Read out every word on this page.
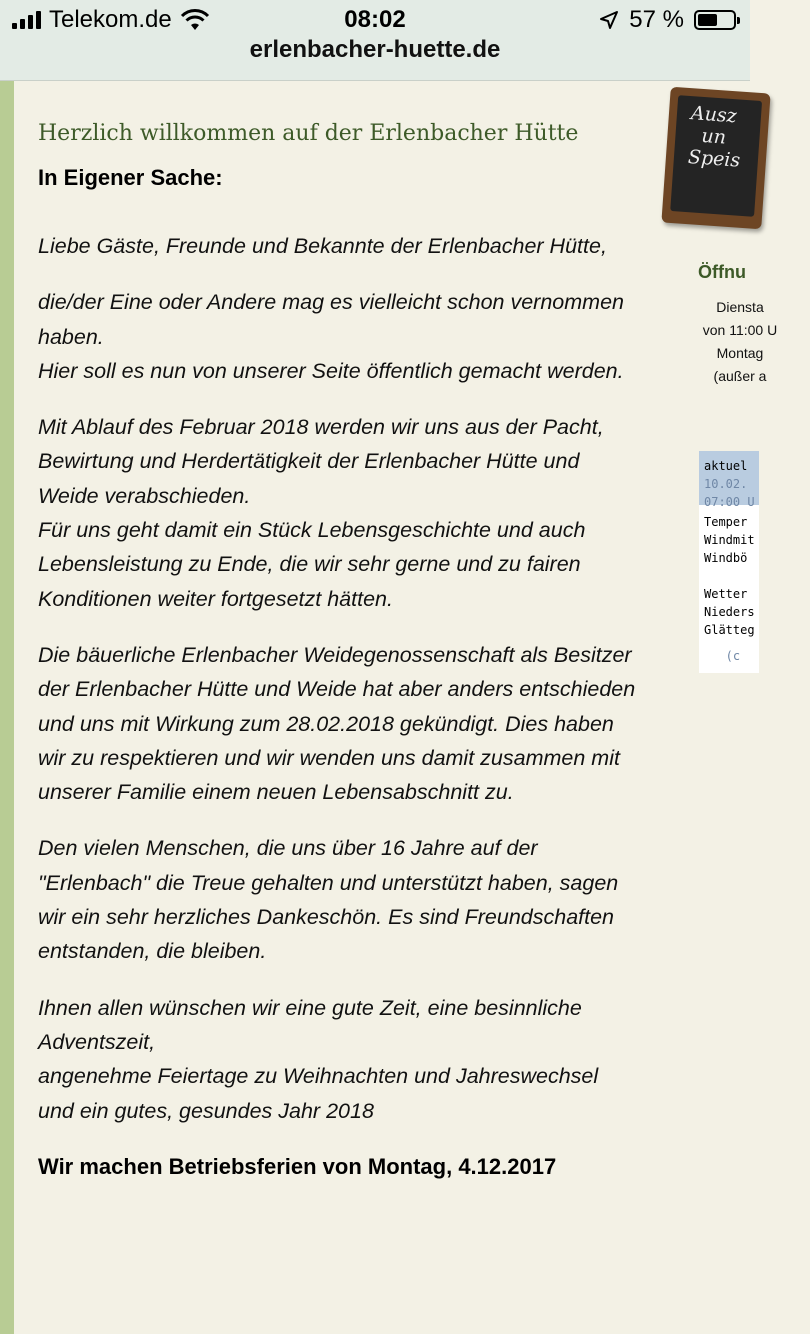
Telekom.de	08:02	57 %
erlenbacher-huette.de
Herzlich willkommen auf der Erlenbacher Hütte

In Eigener Sache:

Liebe Gäste, Freunde und Bekannte der Erlenbacher Hütte,

die/der Eine oder Andere mag es vielleicht schon vernommen haben.
Hier soll es nun von unserer Seite öffentlich gemacht werden.

Mit Ablauf des Februar 2018 werden wir uns aus der Pacht, Bewirtung und Herdertätigkeit der Erlenbacher Hütte und Weide verabschieden.
Für uns geht damit ein Stück Lebensgeschichte und auch Lebensleistung zu Ende, die wir sehr gerne und zu fairen Konditionen weiter fortgesetzt hätten.

Die bäuerliche Erlenbacher Weidegenossenschaft als Besitzer der Erlenbacher Hütte und Weide hat aber anders entschieden und uns mit Wirkung zum 28.02.2018 gekündigt. Dies haben wir zu respektieren und wir wenden uns damit zusammen mit unserer Familie einem neuen Lebensabschnitt zu.

Den vielen Menschen, die uns über 16 Jahre auf der "Erlenbach" die Treue gehalten und unterstützt haben, sagen wir ein sehr herzliches Dankeschön. Es sind Freundschaften entstanden, die bleiben.

Ihnen allen wünschen wir eine gute Zeit, eine besinnliche Adventszeit,
angenehme Feiertage zu Weihnachten und Jahreswechsel
und ein gutes, gesundes Jahr 2018

Wir machen Betriebsferien von Montag, 4.12.2017

Ausz
un
Speis
Öffnu
Diensta
von 11:00 U
Montag
(außer a
aktuel
10.02.
07:00 U
Temper
Windmit
Windbö
Wetter
Nieders
Glätteg
(c
